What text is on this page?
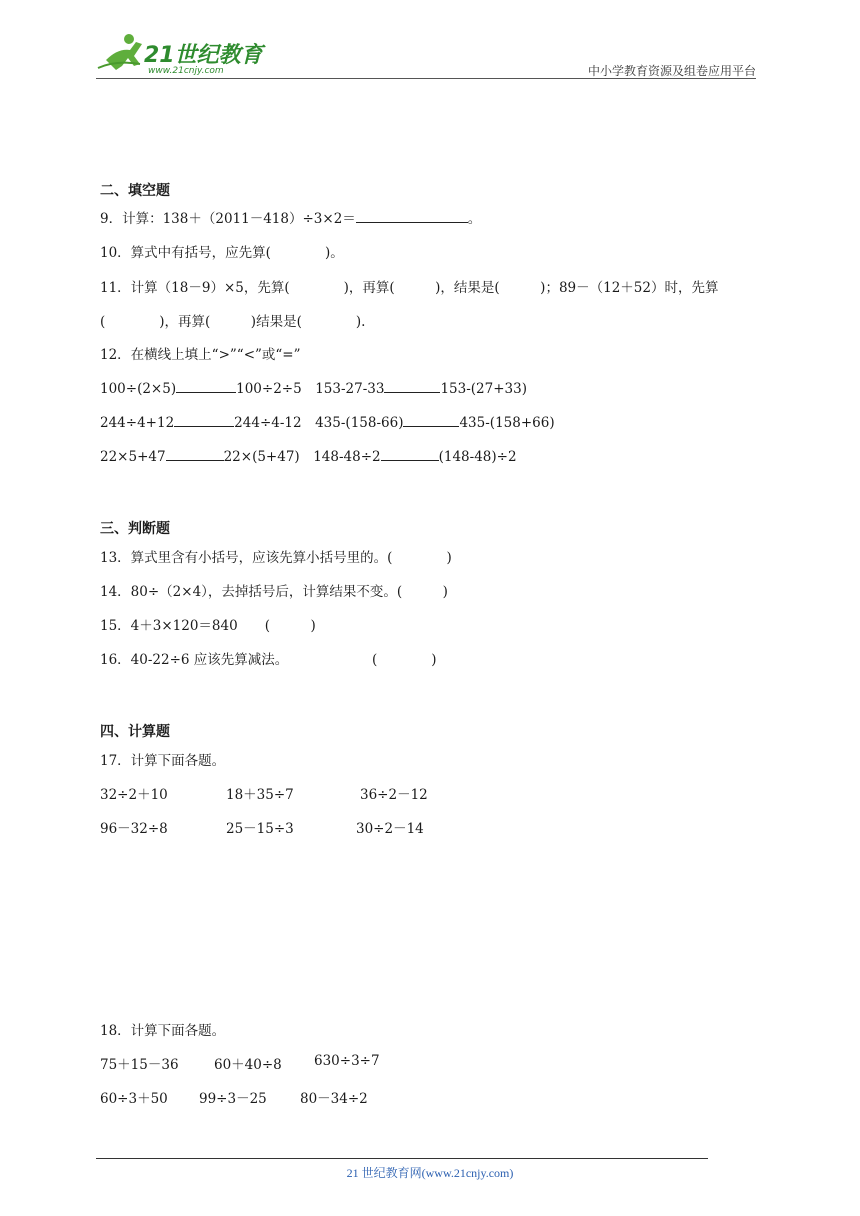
21世纪教育
www.21cnjy.com	中小学教育资源及组卷应用平台
二、填空题
9．计算：138＋（2011－418）÷3×2＝	。
10．算式中有括号，应先算(　　　　)。
11．计算（18－9）×5，先算(　　　　)，再算(　　　)，结果是(　　　)；89－（12＋52）时，先算
(　　　　)，再算(　　　)结果是(　　　　).
12．在横线上填上“>”“<”或“=”
100÷(2×5)	100÷2÷5　 153-27-33	153-(27+33)
244÷4+12	244÷4-12　 435-(158-66)	435-(158+66)
22×5+47	22×(5+47)　 148-48÷2	(148-48)÷2
三、判断题
13．算式里含有小括号，应该先算小括号里的。(　　　　)
14．80÷（2×4），去掉括号后，计算结果不变。(　　　)
15．4＋3×120＝840　　(　　　)
16．40-22÷6 应该先算减法。	(　　　　)
四、计算题
17．计算下面各题。
32÷2＋10	18＋35÷7	36÷2－12
96－32÷8	25－15÷3	30÷2－14
18．计算下面各题。
75＋15－36	60＋40÷8 630÷3÷7
60÷3＋50 99÷3－25 80－34÷2
21 世纪教育网(www.21cnjy.com)
